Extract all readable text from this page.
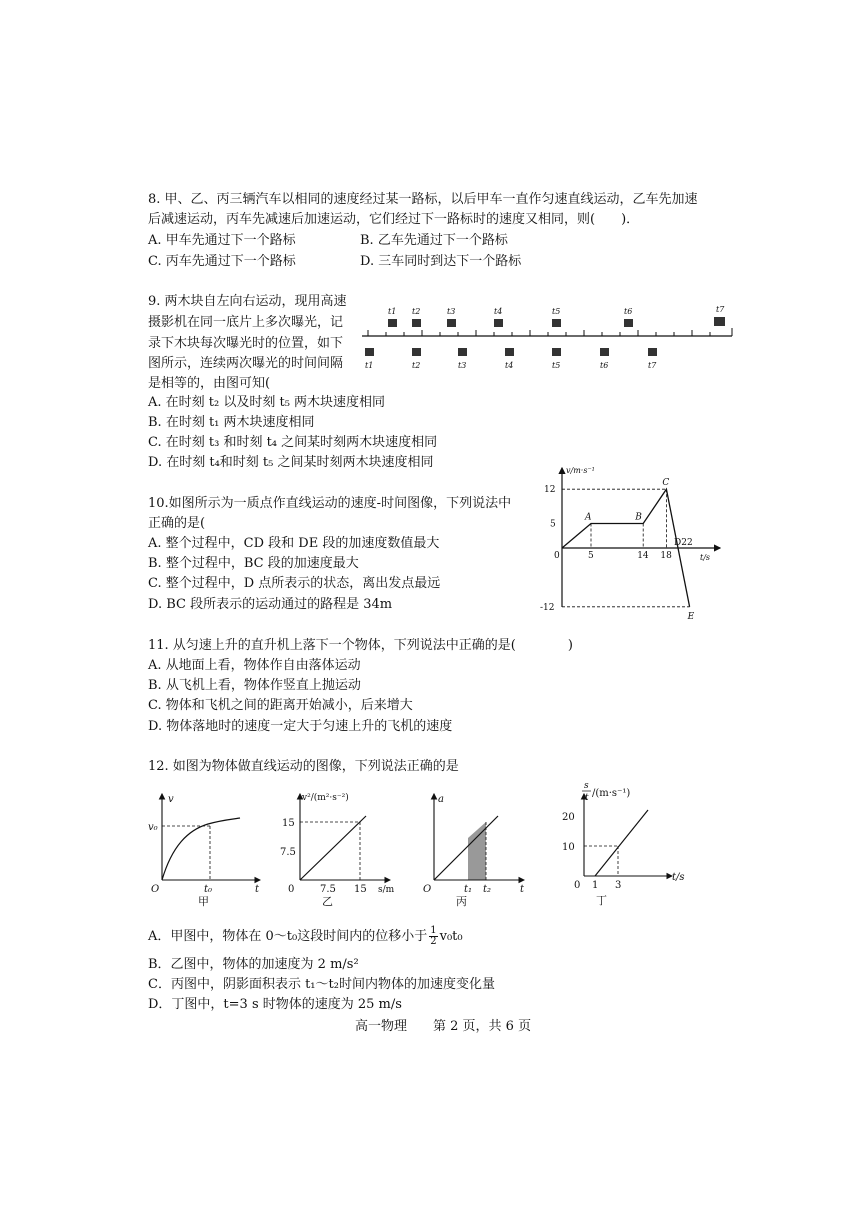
8. 甲、乙、丙三辆汽车以相同的速度经过某一路标，以后甲车一直作匀速直线运动，乙车先加速
后减速运动，丙车先减速后加速运动，它们经过下一路标时的速度又相同，则(　　)．
A. 甲车先通过下一个路标	B. 乙车先通过下一个路标
C. 丙车先通过下一个路标	D. 三车同时到达下一个路标
9. 两木块自左向右运动，现用高速
摄影机在同一底片上多次曝光，记
录下木块每次曝光时的位置，如下
图所示，连续两次曝光的时间间隔
是相等的，由图可知(
t1 t2	t3	t4	t5	t6	t7
t1	t2	t3	t4	t5	t6	t7
A. 在时刻 t₂ 以及时刻 t₅ 两木块速度相同
B. 在时刻 t₁ 两木块速度相同
C. 在时刻 t₃ 和时刻 t₄ 之间某时刻两木块速度相同
D. 在时刻 t₄和时刻 t₅ 之间某时刻两木块速度相同
10.如图所示为一质点作直线运动的速度-时间图像，下列说法中
正确的是(
A. 整个过程中，CD 段和 DE 段的加速度数值最大
B. 整个过程中，BC 段的加速度最大
C. 整个过程中，D 点所表示的状态，离出发点最远
D. BC 段所表示的运动通过的路程是 34m
v/m·s⁻¹
t/s
12
5
-12
0	5	14 18
D22
A	B
C
E
11. 从匀速上升的直升机上落下一个物体，下列说法中正确的是(　　　　)
A. 从地面上看，物体作自由落体运动
B. 从飞机上看，物体作竖直上抛运动
C. 物体和飞机之间的距离开始减小，后来增大
D. 物体落地时的速度一定大于匀速上升的飞机的速度
12. 如图为物体做直线运动的图像，下列说法正确的是
v
t
O
v₀
t₀
甲
v²/(m²·s⁻²)
s/m
0
15
7.5
7.5 15
乙
a
t
O	t₁ t₂
丙
s
t /(m·s⁻¹)
t/s
0
20
10
1 3
丁
A．甲图中，物体在 0～t₀这段时间内的位移小于 $\frac{1}{2} v_0t_0$
B．乙图中，物体的加速度为 2 m/s²
C．丙图中，阴影面积表示 t₁～t₂时间内物体的加速度变化量
D．丁图中，t=3 s 时物体的速度为 25 m/s
高一物理　　第 2 页，共 6 页
